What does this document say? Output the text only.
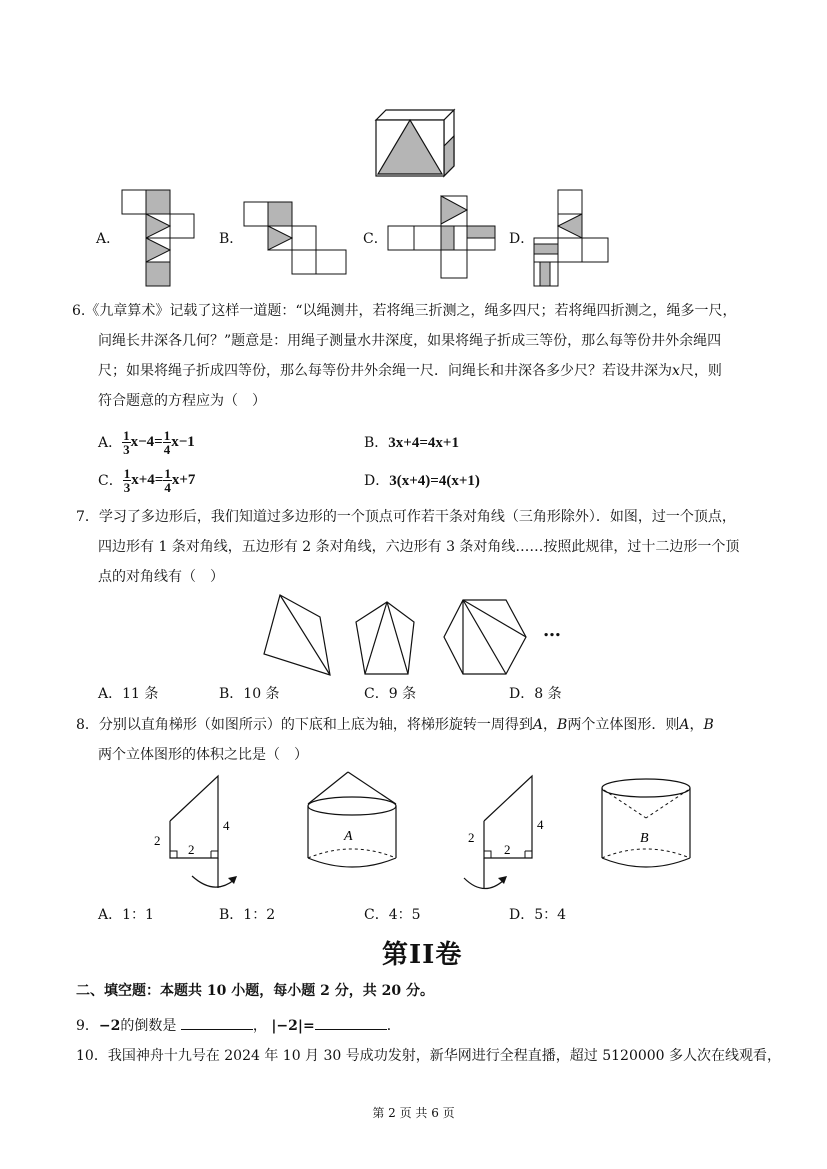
A．	B．	C．	D．
6.《九章算术》记载了这样一道题：“以绳测井，若将绳三折测之，绳多四尺；若将绳四折测之，绳多一尺，
问绳长井深各几何？”题意是：用绳子测量水井深度，如果将绳子折成三等份，那么每等份井外余绳四
尺；如果将绳子折成四等份，那么每等份井外余绳一尺．问绳长和井深各多少尺？若设井深为x尺，则
符合题意的方程应为（　）
A． $\frac{1}{3} x-4= \frac{1}{4} x-1$	B．3x+4=4x+1
C． $\frac{1}{3} x+4= \frac{1}{4} x+7$	D．3(x+4)=4(x+1)
7．学习了多边形后，我们知道过多边形的一个顶点可作若干条对角线（三角形除外）．如图，过一个顶点，
四边形有 1 条对角线，五边形有 2 条对角线，六边形有 3 条对角线……按照此规律，过十二边形一个顶
点的对角线有（　）
…
A．11 条	B．10 条	C．9 条	D．8 条
8．分别以直角梯形（如图所示）的下底和上底为轴，将梯形旋转一周得到A，B两个立体图形．则A，B
两个立体图形的体积之比是（　）
2
2
4
A	2
2
4
B
A．1：1	B．1：2	C．4：5	D．5：4
第II卷
二、填空题：本题共 10 小题，每小题 2 分，共 20 分。
9．−2的倒数是	， |−2|=	．
10．我国神舟十九号在 2024 年 10 月 30 号成功发射，新华网进行全程直播，超过 5120000 多人次在线观看，
第 2 页 共 6 页
